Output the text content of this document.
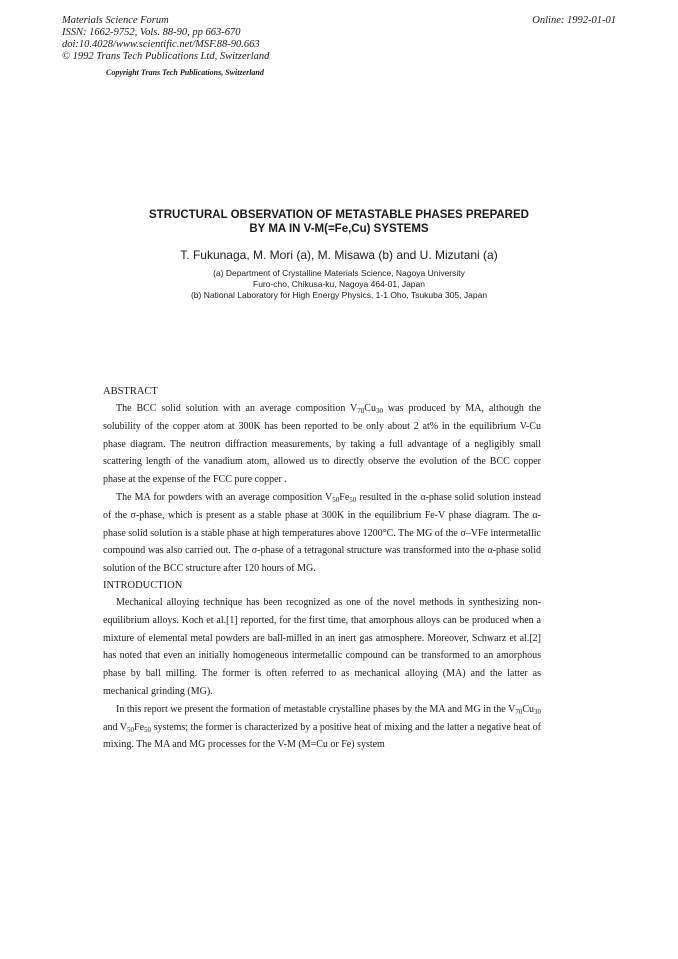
Materials Science Forum
ISSN: 1662-9752, Vols. 88-90, pp 663-670
doi:10.4028/www.scientific.net/MSF.88-90.663
© 1992 Trans Tech Publications Ltd, Switzerland
Online: 1992-01-01
Copyright Trans Tech Publications, Switzerland
STRUCTURAL OBSERVATION OF METASTABLE PHASES PREPARED
BY MA IN V-M(=Fe,Cu) SYSTEMS
T. Fukunaga, M. Mori (a), M. Misawa (b) and U. Mizutani (a)
(a) Department of Crystalline Materials Science, Nagoya University
Furo-cho, Chikusa-ku, Nagoya 464-01, Japan
(b) National Laboratory for High Energy Physics, 1-1 Oho, Tsukuba 305, Japan
ABSTRACT

The BCC solid solution with an average composition $V_{70}Cu_{30}$ was produced by MA, although the solubility of the copper atom at 300K has been reported to be only about 2 at% in the equilibrium V-Cu phase diagram. The neutron diffraction measurements, by taking a full advantage of a negligibly small scattering length of the vanadium atom, allowed us to directly observe the evolution of the BCC copper phase at the expense of the FCC pure copper .

The MA for powders with an average composition $V_{50}Fe_{50}$ resulted in the α-phase solid solution instead of the σ-phase, which is present as a stable phase at 300K in the equilibrium Fe-V phase diagram. The α-phase solid solution is a stable phase at high temperatures above 1200°C. The MG of the σ–VFe intermetallic compound was also carried out. The σ-phase of a tetragonal structure was transformed into the α-phase solid solution of the BCC structure after 120 hours of MG.

INTRODUCTION

Mechanical alloying technique has been recognized as one of the novel methods in synthesizing non-equilibrium alloys. Koch et al.[1] reported, for the first time, that amorphous alloys can be produced when a mixture of elemental metal powders are ball-milled in an inert gas atmosphere. Moreover, Schwarz et al.[2] has noted that even an initially homogeneous intermetallic compound can be transformed to an amorphous phase by ball milling. The former is often referred to as mechanical alloying (MA) and the latter as mechanical grinding (MG).

In this report we present the formation of metastable crystalline phases by the MA and MG in the $V_{70}Cu_{30}$ and $V_{50}Fe_{50}$ systems; the former is characterized by a positive heat of mixing and the latter a negative heat of mixing. The MA and MG processes for the V-M (M=Cu or Fe) system
